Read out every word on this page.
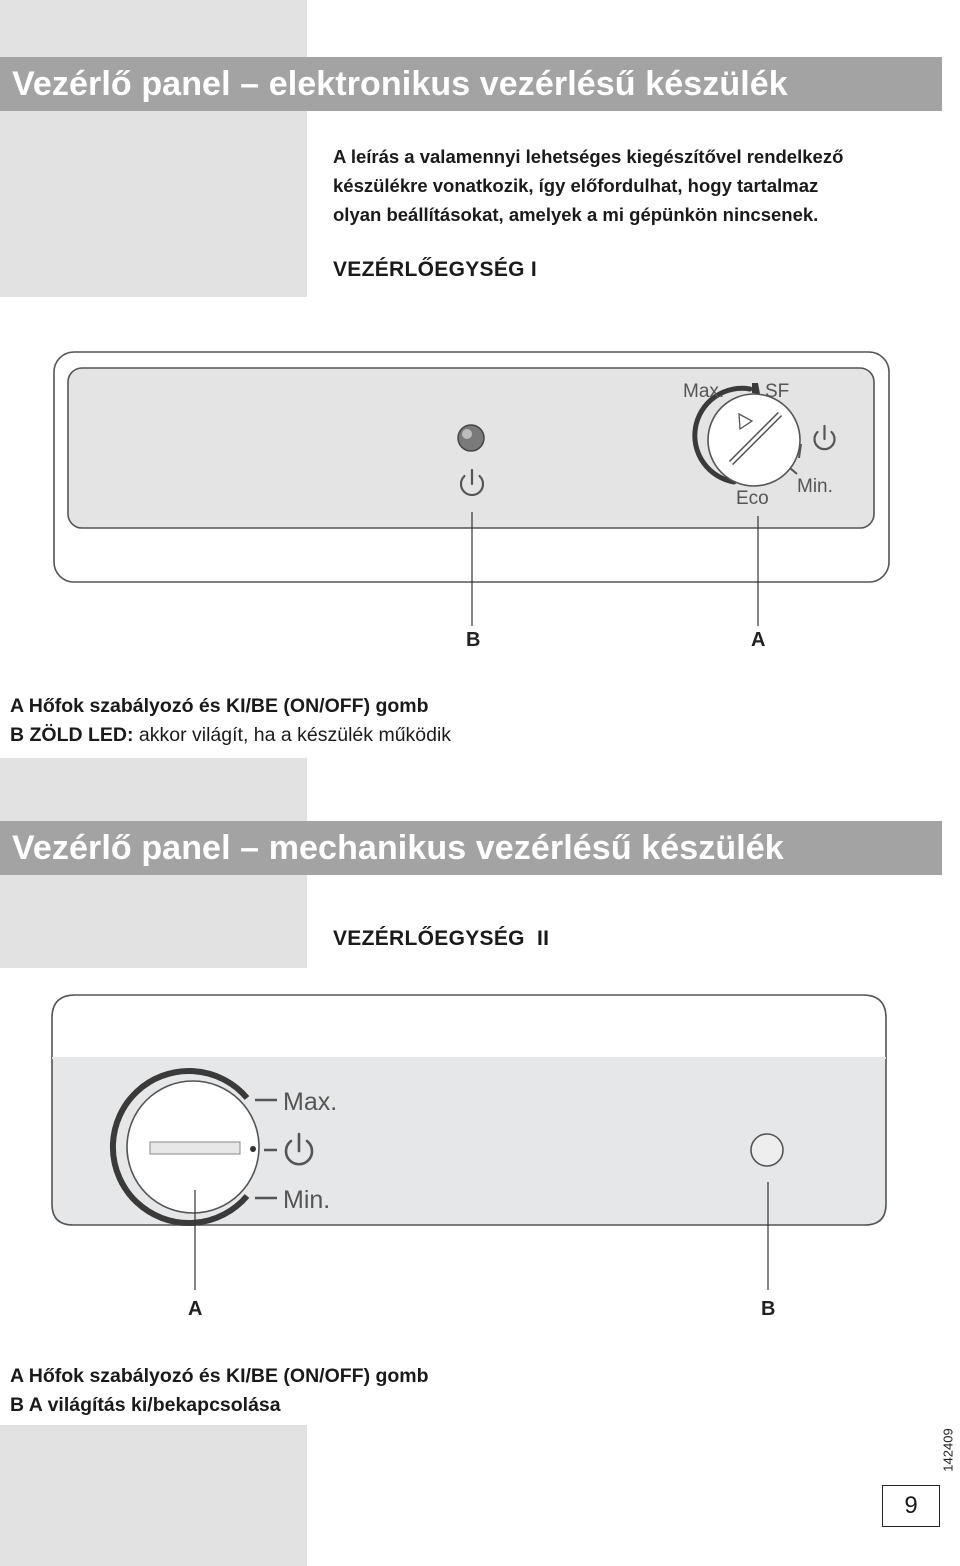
Vezérlő panel – elektronikus vezérlésű készülék
A leírás a valamennyi lehetséges kiegészítővel rendelkező
készülékre vonatkozik, így előfordulhat, hogy tartalmaz
olyan beállításokat, amelyek a mi gépünkön nincsenek.
VEZÉRLŐEGYSÉG I
Max. SF
Eco
Min.
B	A
A Hőfok szabályozó és KI/BE (ON/OFF) gomb
B ZÖLD LED: akkor világít, ha a készülék működik
Vezérlő panel – mechanikus vezérlésű készülék
VEZÉRLŐEGYSÉG  II
Max.
Min.
A	B
A Hőfok szabályozó és KI/BE (ON/OFF) gomb
B A világítás ki/bekapcsolása
142409
9
